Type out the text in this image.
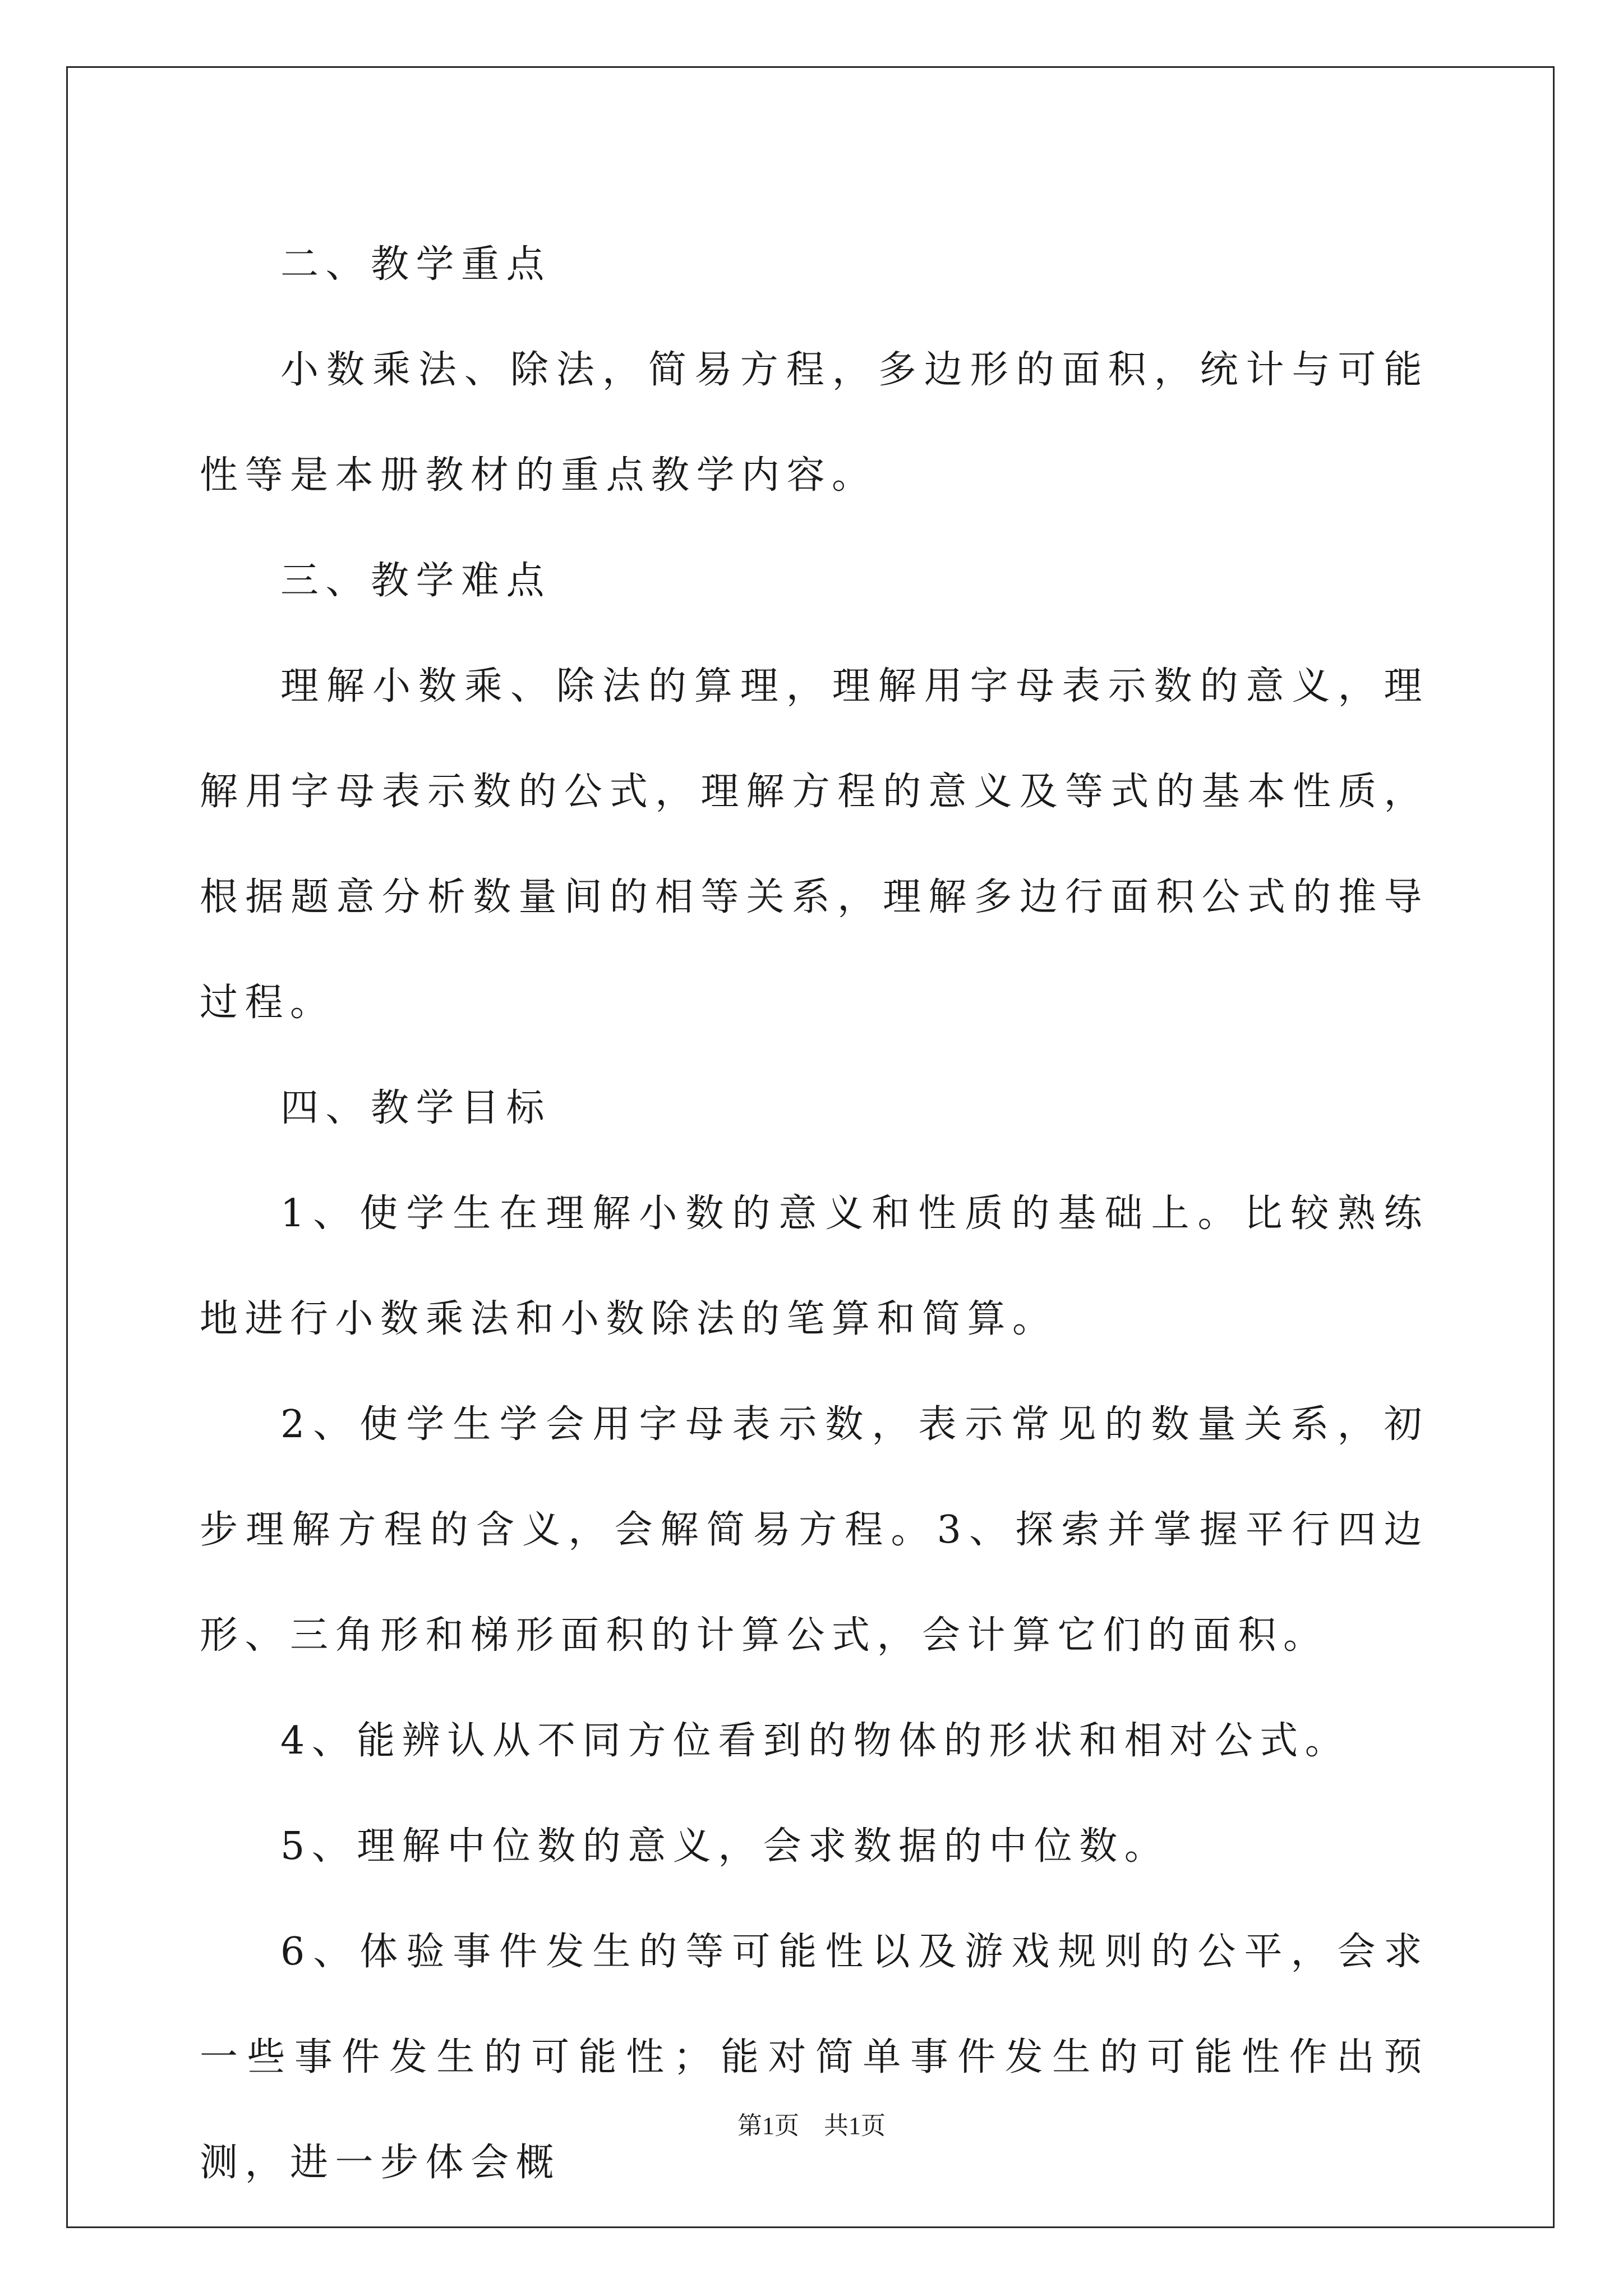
二、教学重点

小数乘法、除法，简易方程，多边形的面积，统计与可能性等是本册教材的重点教学内容。

三、教学难点

理解小数乘、除法的算理，理解用字母表示数的意义，理解用字母表示数的公式，理解方程的意义及等式的基本性质，根据题意分析数量间的相等关系，理解多边行面积公式的推导过程。

四、教学目标

1、使学生在理解小数的意义和性质的基础上。比较熟练地进行小数乘法和小数除法的笔算和简算。

2、使学生学会用字母表示数，表示常见的数量关系，初步理解方程的含义，会解简易方程。3、探索并掌握平行四边形、三角形和梯形面积的计算公式，会计算它们的面积。

4、能辨认从不同方位看到的物体的形状和相对公式。

5、理解中位数的意义，会求数据的中位数。

6、体验事件发生的等可能性以及游戏规则的公平，会求一些事件发生的可能性；能对简单事件发生的可能性作出预测，进一步体会概

第1页 共1页
